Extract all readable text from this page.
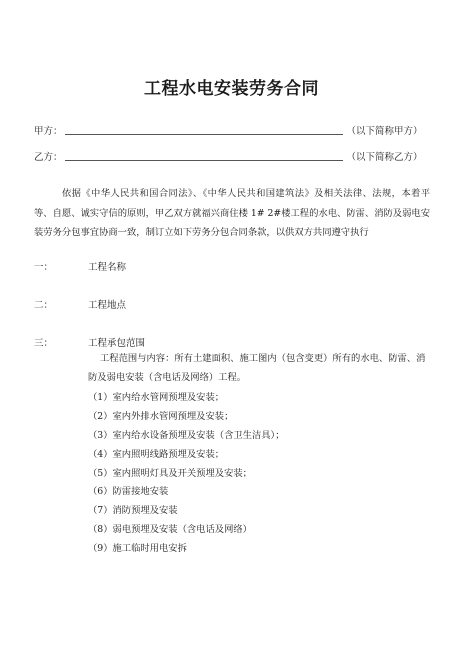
工程水电安装劳务合同
甲方：	（以下简称甲方）
乙方：	（以下简称乙方）
依据《中华人民共和国合同法》、《中华人民共和国建筑法》及相关法律、法规，本着平等、自愿、诚实守信的原则，甲乙双方就福兴商住楼 1# 2#楼工程的水电、防雷、消防及弱电安装劳务分包事宜协商一致，制订立如下劳务分包合同条款，以供双方共同遵守执行
一：	工程名称
二：	工程地点
三：	工程承包范围
工程范围与内容：所有土建面积、施工图内（包含变更）所有的水电、防雷、消
防及弱电安装（含电话及网络）工程。
（1）室内给水管网预埋及安装；
（2）室内外排水管网预埋及安装；
（3）室内给水设备预埋及安装（含卫生洁具）；
（4）室内照明线路预埋及安装；
（5）室内照明灯具及开关预埋及安装；
（6）防雷接地安装
（7）消防预埋及安装
（8）弱电预埋及安装（含电话及网络）
（9）施工临时用电安拆
